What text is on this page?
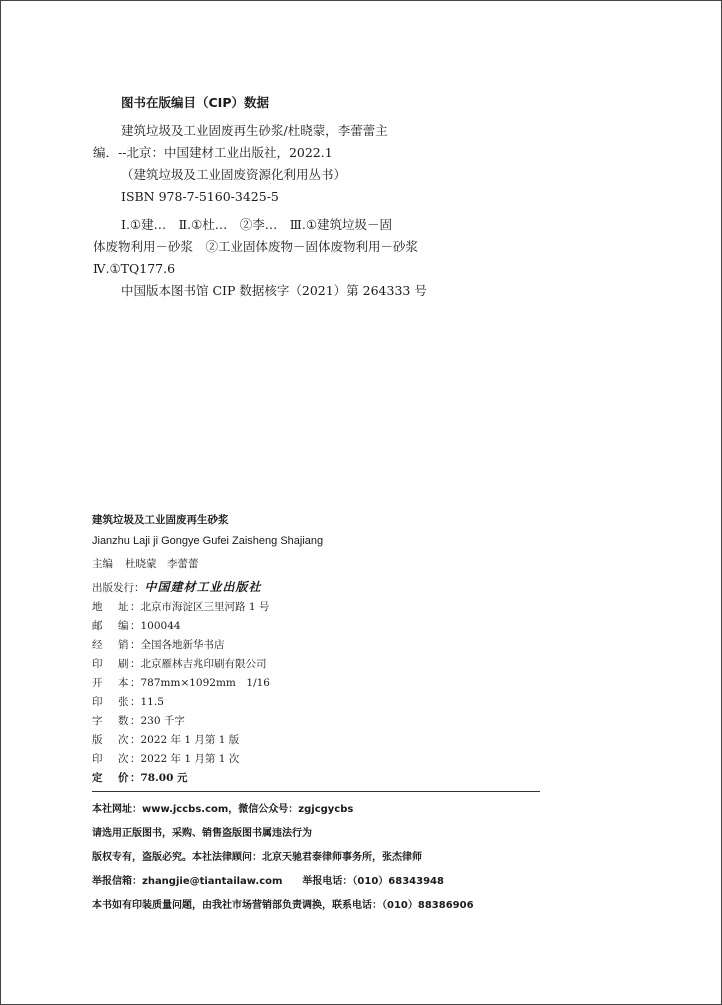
图书在版编目（CIP）数据
建筑垃圾及工业固废再生砂浆/杜晓蒙，李蕾蕾主
编．--北京：中国建材工业出版社，2022.1
（建筑垃圾及工业固废资源化利用丛书）
ISBN 978-7-5160-3425-5
Ⅰ.①建…　Ⅱ.①杜…　②李…　Ⅲ.①建筑垃圾－固
体废物利用－砂浆　②工业固体废物－固体废物利用－砂浆
Ⅳ.①TQ177.6
中国版本图书馆 CIP 数据核字（2021）第 264333 号
建筑垃圾及工业固废再生砂浆
Jianzhu Laji ji Gongye Gufei Zaisheng Shajiang
主编 杜晓蒙　李蕾蕾
出版发行：中国建材工业出版社
地 址 ：北京市海淀区三里河路 1 号
邮 编 ：100044
经 销 ：全国各地新华书店
印 刷 ：北京雁林吉兆印刷有限公司
开 本 ：787mm×1092mm　1/16
印 张 ：11.5
字 数 ：230 千字
版 次 ：2022 年 1 月第 1 版
印 次 ：2022 年 1 月第 1 次
定 价 ：78.00 元
本社网址：www.jccbs.com，微信公众号：zgjcgycbs
请选用正版图书，采购、销售盗版图书属违法行为
版权专有，盗版必究。本社法律顾问：北京天驰君泰律师事务所，张杰律师
举报信箱：zhangjie@tiantailaw.com　　举报电话：（010）68343948
本书如有印装质量问题，由我社市场营销部负责调换，联系电话：（010）88386906
